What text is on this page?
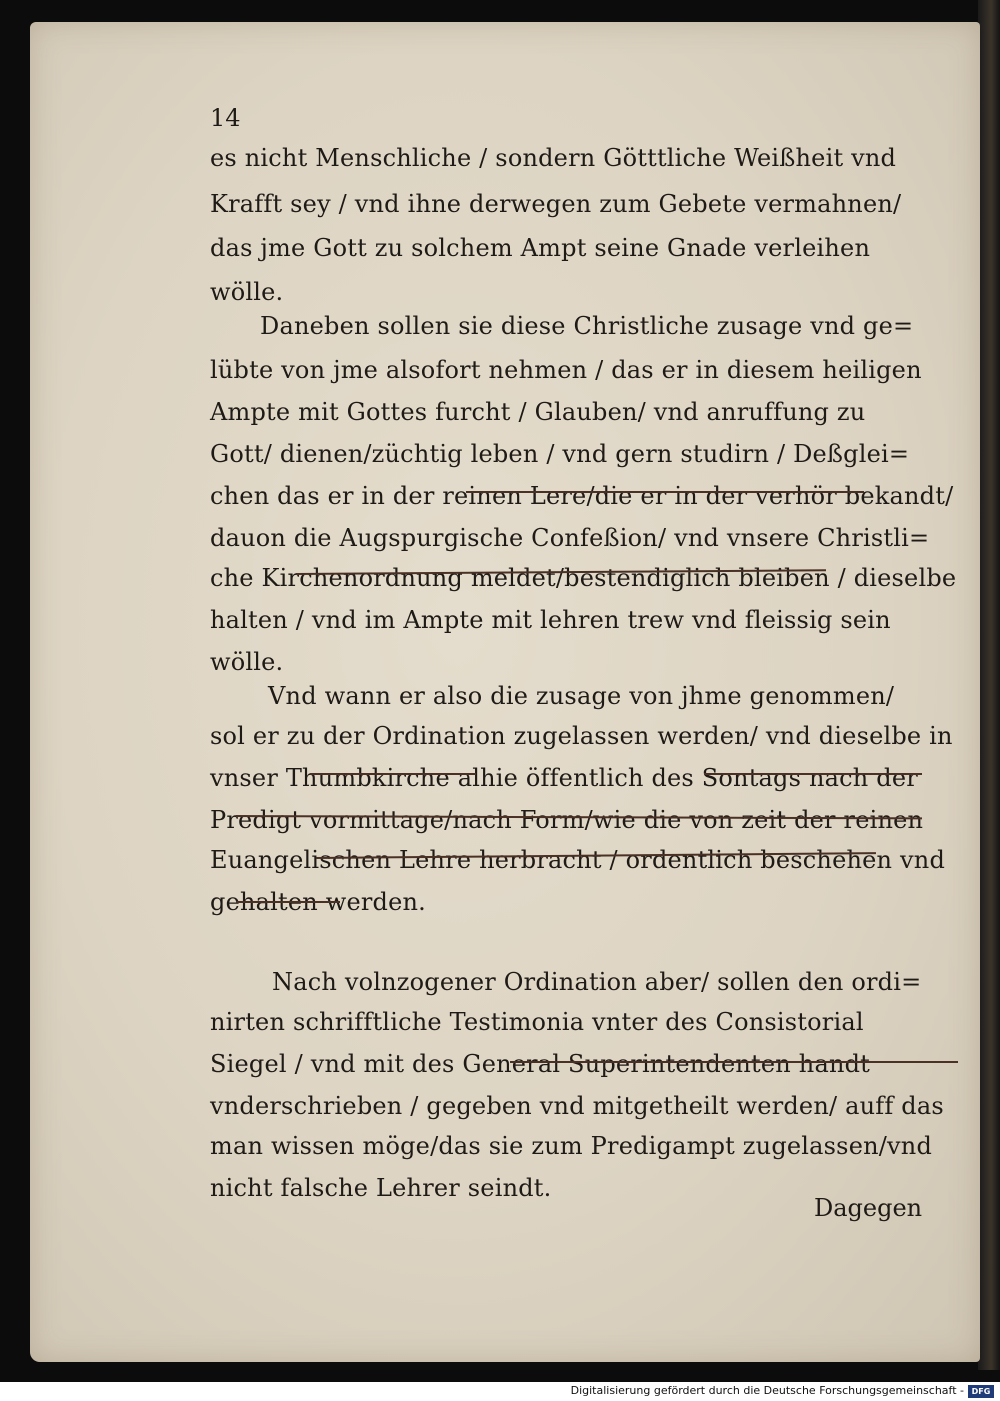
14
es nicht Menschliche / sondern Götttliche Weißheit vnd
Krafft sey / vnd ihne derwegen zum Gebete vermahnen/
das jme Gott zu solchem Ampt seine Gnade verleihen
wölle.
Daneben sollen sie diese Christliche zusage vnd ge=
lübte von jme alsofort nehmen / das er in diesem heiligen
Ampte mit Gottes furcht / Glauben/ vnd anruffung zu
Gott/ dienen/züchtig leben / vnd gern studirn / Deßglei=
chen das er in der reinen Lere/die er in der verhör bekandt/
dauon die Augspurgische Confeßion/ vnd vnsere Christli=
che Kirchenordnung meldet/bestendiglich bleiben / dieselbe
halten / vnd im Ampte mit lehren trew vnd fleissig sein
wölle.
Vnd wann er also die zusage von jhme genommen/
sol er zu der Ordination zugelassen werden/ vnd dieselbe in
vnser Thumbkirche alhie öffentlich des Sontags nach der
Predigt vormittage/nach Form/wie die von zeit der reinen
Euangelischen Lehre herbracht / ordentlich beschehen vnd
gehalten werden.
Nach volnzogener Ordination aber/ sollen den ordi=
nirten schrifftliche Testimonia vnter des Consistorial
Siegel / vnd mit des General Superintendenten handt
vnderschrieben / gegeben vnd mitgetheilt werden/ auff das
man wissen möge/das sie zum Predigampt zugelassen/vnd
nicht falsche Lehrer seindt.
Dagegen
Digitalisierung gefördert durch die Deutsche Forschungsgemeinschaft - DFG
